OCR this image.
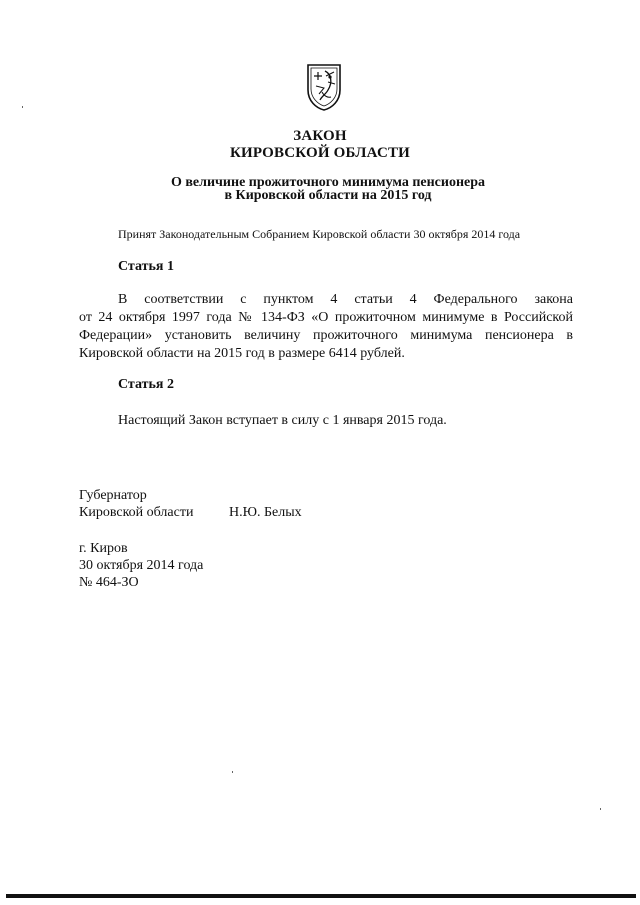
ЗАКОН
КИРОВСКОЙ ОБЛАСТИ
О величине прожиточного минимума пенсионера
в Кировской области на 2015 год
Принят Законодательным Собранием Кировской области 30 октября 2014 года
Статья 1
В соответствии с пунктом 4 статьи 4 Федерального закона
от 24 октября 1997 года № 134-ФЗ «О прожиточном минимуме в Российской
Федерации» установить величину прожиточного минимума пенсионера в
Кировской области на 2015 год в размере 6414 рублей.
Статья 2
Настоящий Закон вступает в силу с 1 января 2015 года.
Губернатор
Кировской области	Н.Ю. Белых
г. Киров
30 октября 2014 года
№ 464-ЗО
